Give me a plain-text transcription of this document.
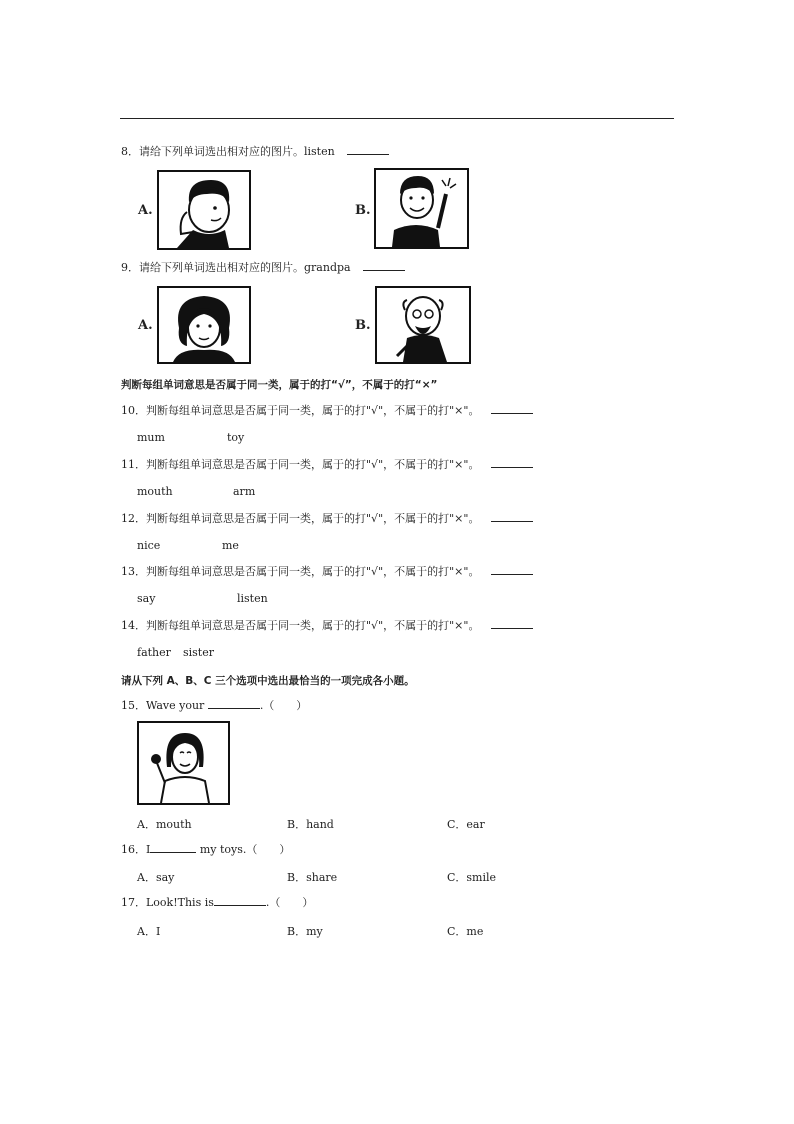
8．请给下列单词选出相对应的图片。listen
A.	B.
9．请给下列单词选出相对应的图片。grandpa
A.	B.
判断每组单词意思是否属于同一类，属于的打“√”，不属于的打“×”
10．判断每组单词意思是否属于同一类，属于的打"√"，不属于的打"×"。
mum	toy
11．判断每组单词意思是否属于同一类，属于的打"√"，不属于的打"×"。
mouth	arm
12．判断每组单词意思是否属于同一类，属于的打"√"，不属于的打"×"。
nice	me
13．判断每组单词意思是否属于同一类，属于的打"√"，不属于的打"×"。
say	listen
14．判断每组单词意思是否属于同一类，属于的打"√"，不属于的打"×"。
father sister
请从下列 A、B、C 三个选项中选出最恰当的一项完成各小题。
15．Wave your	.（　　）
A．mouth	B．hand	C．ear
16．I	my toys.（　　）
A．say	B．share	C．smile
17．Look!This is	.（　　）
A．I	B．my	C．me
